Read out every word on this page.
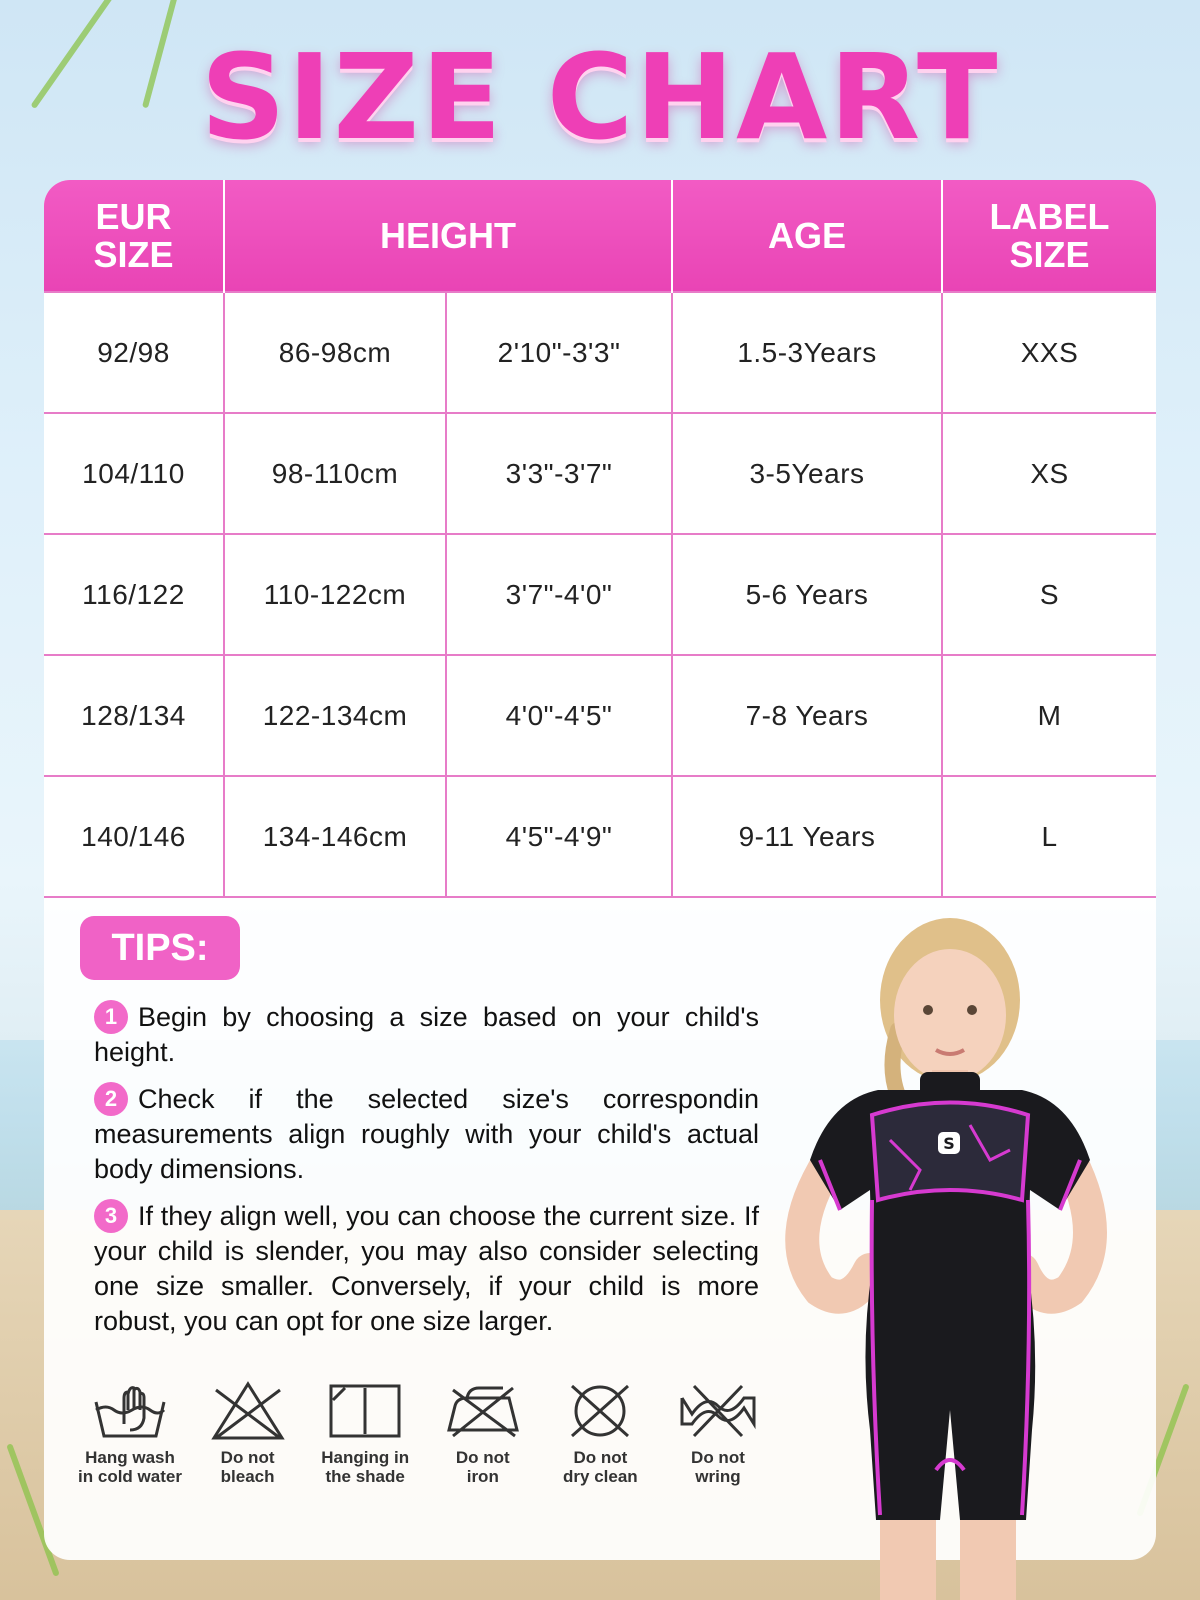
SIZE CHART
EUR
SIZE	HEIGHT		AGE	LABEL
SIZE
92/98	86-98cm	2'10"-3'3"	1.5-3Years	XXS
104/110	98-110cm	3'3"-3'7"	3-5Years	XS
116/122	110-122cm	3'7"-4'0"	5-6 Years	S
128/134	122-134cm	4'0"-4'5"	7-8 Years	M
140/146	134-146cm	4'5"-4'9"	9-11 Years	L
TIPS:

1 Begin by choosing a size based on your child's height.

2 Check if the selected size's correspondin measurements align roughly with your child's actual body dimensions.

3 If they align well, you can choose the current size. If your child is slender, you may also consider selecting one size smaller. Conversely, if your child is more robust, you can opt for one size larger.

Hang wash
in cold water
Do not
bleach
Hanging in
the shade
Do not
iron
Do not
dry clean
Do not
wring
S
